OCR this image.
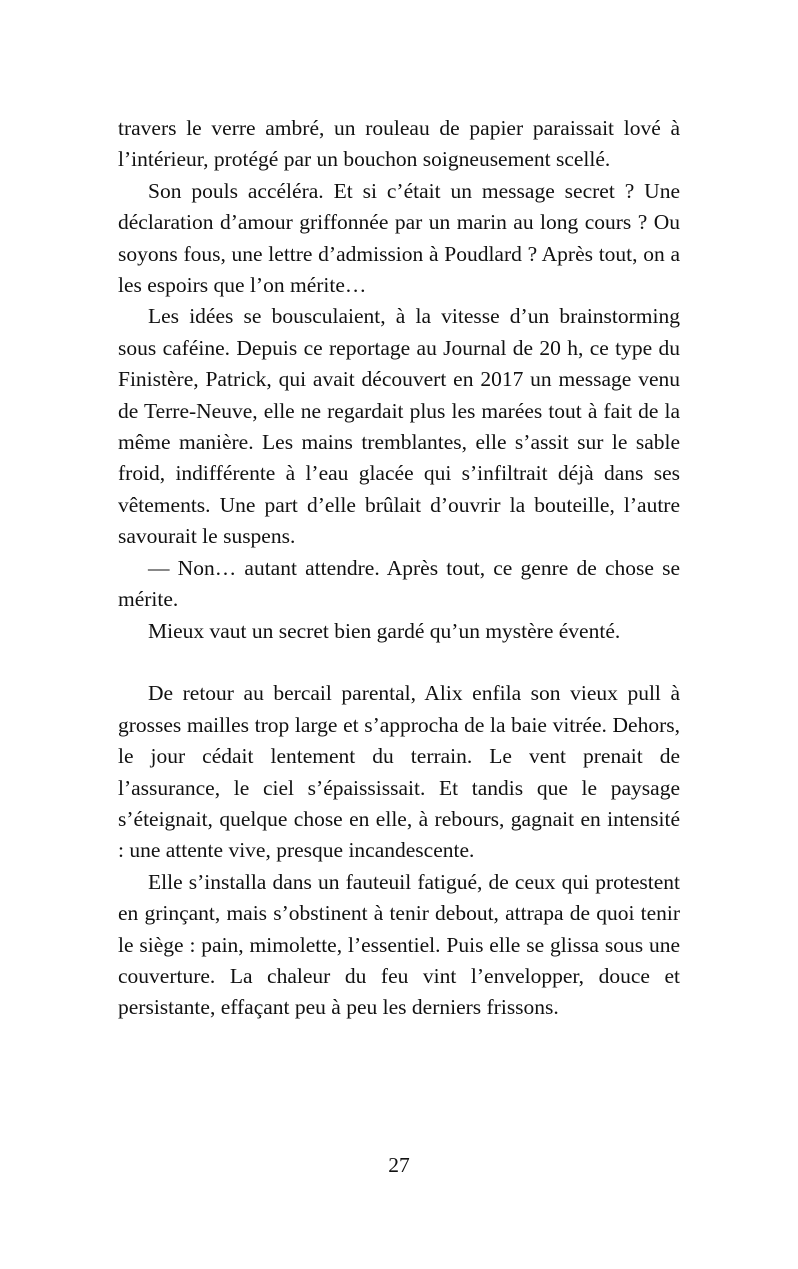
travers le verre ambré, un rouleau de papier paraissait lové à l’intérieur, protégé par un bouchon soigneusement scellé.

Son pouls accéléra. Et si c’était un message secret ? Une déclaration d’amour griffonnée par un marin au long cours ? Ou soyons fous, une lettre d’admission à Poudlard ? Après tout, on a les espoirs que l’on mérite…

Les idées se bousculaient, à la vitesse d’un brainstorming sous caféine. Depuis ce reportage au Journal de 20 h, ce type du Finistère, Patrick, qui avait découvert en 2017 un message venu de Terre-Neuve, elle ne regardait plus les marées tout à fait de la même manière. Les mains tremblantes, elle s’assit sur le sable froid, indifférente à l’eau glacée qui s’infiltrait déjà dans ses vêtements. Une part d’elle brûlait d’ouvrir la bouteille, l’autre savourait le suspens.

— Non… autant attendre. Après tout, ce genre de chose se mérite.

Mieux vaut un secret bien gardé qu’un mystère éventé.

De retour au bercail parental, Alix enfila son vieux pull à grosses mailles trop large et s’approcha de la baie vitrée. Dehors, le jour cédait lentement du terrain. Le vent prenait de l’assurance, le ciel s’épaississait. Et tandis que le paysage s’éteignait, quelque chose en elle, à rebours, gagnait en intensité : une attente vive, presque incandescente.

Elle s’installa dans un fauteuil fatigué, de ceux qui protestent en grinçant, mais s’obstinent à tenir debout, attrapa de quoi tenir le siège : pain, mimolette, l’essentiel. Puis elle se glissa sous une couverture. La chaleur du feu vint l’envelopper, douce et persistante, effaçant peu à peu les derniers frissons.

27
